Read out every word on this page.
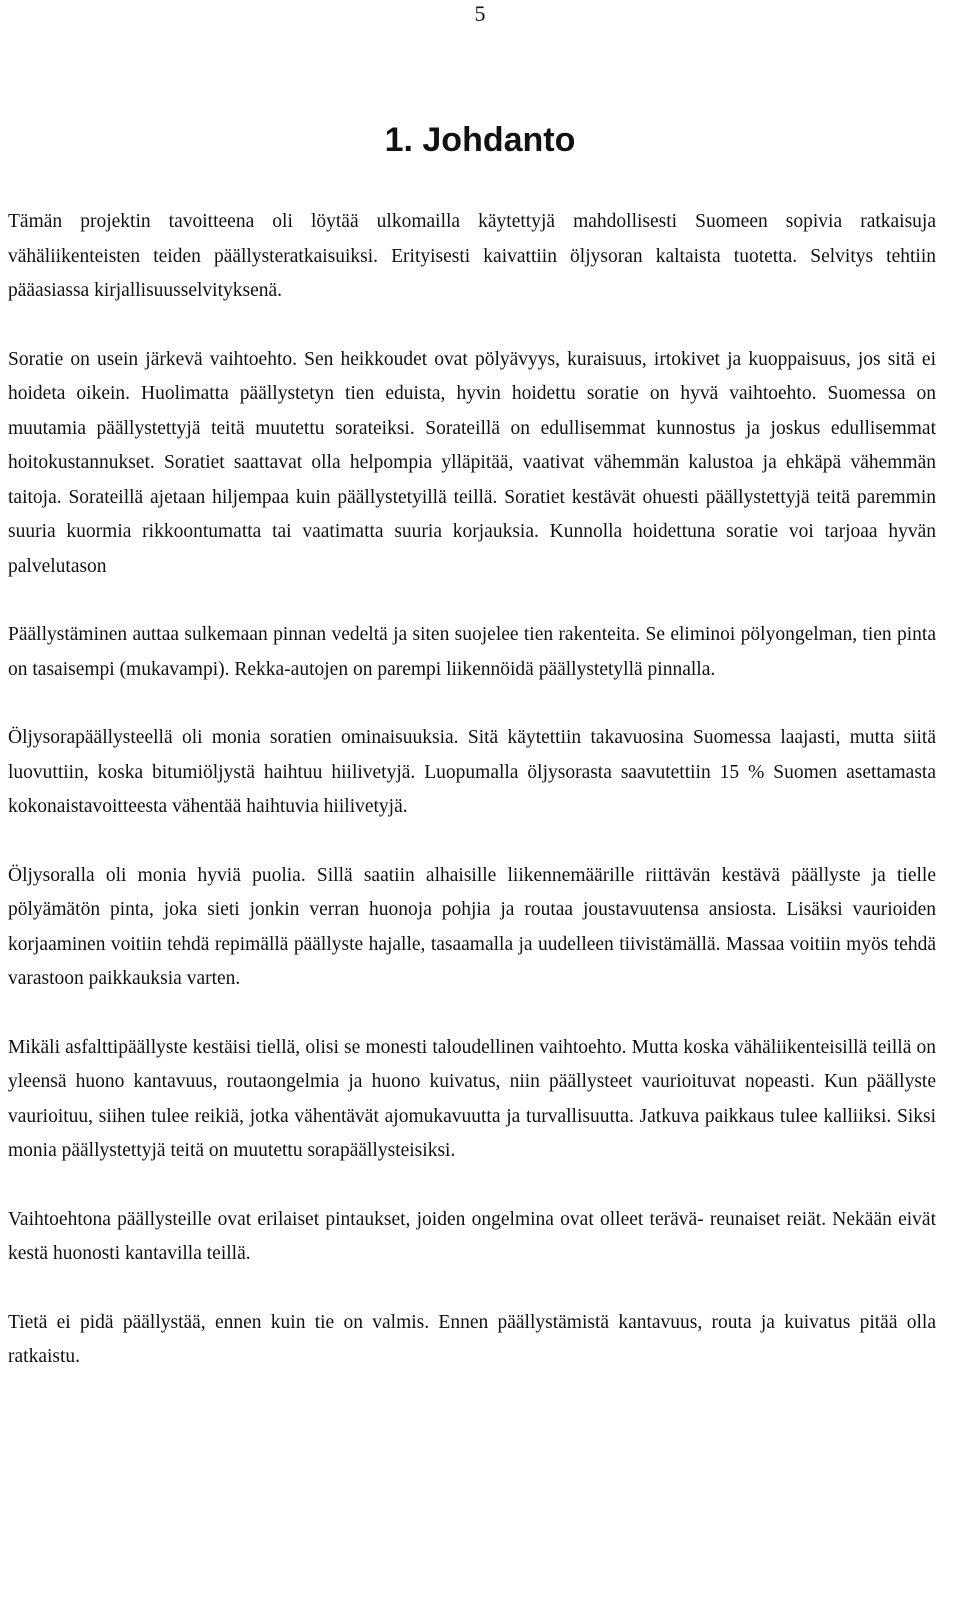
5
1. Johdanto

Tämän projektin tavoitteena oli löytää ulkomailla käytettyjä mahdollisesti Suomeen sopivia ratkaisuja vähäliikenteisten teiden päällysteratkaisuiksi. Erityisesti kaivattiin öljysoran kaltaista tuotetta. Selvitys tehtiin pääasiassa kirjallisuusselvityksenä.

Soratie on usein järkevä vaihtoehto. Sen heikkoudet ovat pölyävyys, kuraisuus, irtokivet ja kuoppaisuus, jos sitä ei hoideta oikein. Huolimatta päällystetyn tien eduista, hyvin hoidettu soratie on hyvä vaihtoehto. Suomessa on muutamia päällystettyjä teitä muutettu sorateiksi. Sorateillä on edullisemmat kunnostus ja joskus edullisemmat hoitokustannukset. Soratiet saattavat olla helpompia ylläpitää, vaativat vähemmän kalustoa ja ehkäpä vähemmän taitoja. Sorateillä ajetaan hiljempaa kuin päällystetyillä teillä. Soratiet kestävät ohuesti päällystettyjä teitä paremmin suuria kuormia rikkoontumatta tai vaatimatta suuria korjauksia. Kunnolla hoidettuna soratie voi tarjoaa hyvän palvelutason

Päällystäminen auttaa sulkemaan pinnan vedeltä ja siten suojelee tien rakenteita. Se eliminoi pölyongelman, tien pinta on tasaisempi (mukavampi). Rekka-autojen on parempi liikennöidä päällystetyllä pinnalla.

Öljysorapäällysteellä oli monia soratien ominaisuuksia. Sitä käytettiin takavuosina Suomessa laajasti, mutta siitä luovuttiin, koska bitumiöljystä haihtuu hiilivetyjä. Luopumalla öljysorasta saavutettiin 15 % Suomen asettamasta kokonaistavoitteesta vähentää haihtuvia hiilivetyjä.

Öljysoralla oli monia hyviä puolia. Sillä saatiin alhaisille liikennemäärille riittävän kestävä päällyste ja tielle pölyämätön pinta, joka sieti jonkin verran huonoja pohjia ja routaa joustavuutensa ansiosta. Lisäksi vaurioiden korjaaminen voitiin tehdä repimällä päällyste hajalle, tasaamalla ja uudelleen tiivistämällä. Massaa voitiin myös tehdä varastoon paikkauksia varten.

Mikäli asfalttipäällyste kestäisi tiellä, olisi se monesti taloudellinen vaihtoehto. Mutta koska vähäliikenteisillä teillä on yleensä huono kantavuus, routaongelmia ja huono kuivatus, niin päällysteet vaurioituvat nopeasti. Kun päällyste vaurioituu, siihen tulee reikiä, jotka vähentävät ajomukavuutta ja turvallisuutta. Jatkuva paikkaus tulee kalliiksi. Siksi monia päällystettyjä teitä on muutettu sorapäällysteisiksi.

Vaihtoehtona päällysteille ovat erilaiset pintaukset, joiden ongelmina ovat olleet terävä- reunaiset reiät. Nekään eivät kestä huonosti kantavilla teillä.

Tietä ei pidä päällystää, ennen kuin tie on valmis. Ennen päällystämistä kantavuus, routa ja kuivatus pitää olla ratkaistu.
